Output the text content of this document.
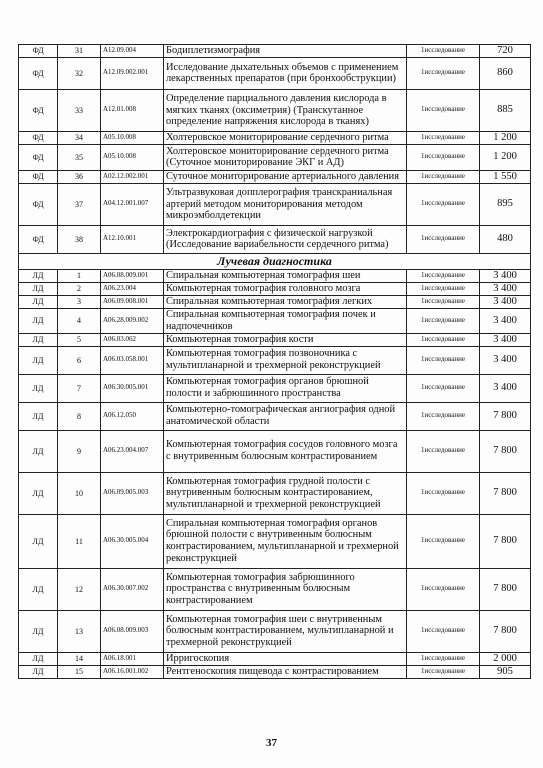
ФД	31	A12.09.004	Бодиплетизмография	1исследование	720
ФД	32	A12.09.002.001	Исследование дыхательных объемов с применением лекарственных препаратов (при бронхообструкции)	1исследование	860
ФД	33	A12.01.008	Определение парциального давления кислорода в мягких тканях (оксиметрия) (Транскутанное определение напряжения кислорода в тканях)	1исследование	885
ФД	34	A05.10.008	Холтеровское мониторирование сердечного ритма	1исследование	1 200
ФД	35	A05.10.008	Холтеровское мониторирование сердечного ритма (Суточное мониторирование ЭКГ и АД)	1исследование	1 200
ФД	36	A02.12.002.001	Суточное мониторирование артериального давления	1исследование	1 550
ФД	37	A04.12.001.007	Ультразвуковая допплерография транскраниальная артерий методом мониторирования методом микроэмболдетекции	1исследование	895
ФД	38	A12.10.001	Электрокардиография с физической нагрузкой (Исследование вариабельности сердечного ритма)	1исследование	480
Лучевая диагностика					
ЛД	1	A06.08.009.001	Спиральная компьютерная томография шеи	1исследование	3 400
ЛД	2	A06.23.004	Компьютерная томография головного мозга	1исследование	3 400
ЛД	3	A06.09.008.001	Спиральная компьютерная томография легких	1исследование	3 400
ЛД	4	A06.28.009.002	Спиральная компьютерная томография почек и надпочечников	1исследование	3 400
ЛД	5	A06.03.062	Компьютерная томография кости	1исследование	3 400
ЛД	6	A06.03.058.001	Компьютерная томография позвоночника с мультипланарной и трехмерной реконструкцией	1исследование	3 400
ЛД	7	A06.30.005.001	Компьютерная томография органов брюшной полости и забрюшинного пространства	1исследование	3 400
ЛД	8	A06.12.050	Компьютерно-томографическая ангиография одной анатомической области	1исследование	7 800
ЛД	9	A06.23.004.007	Компьютерная томография сосудов головного мозга с внутривенным болюсным контрастированием	1исследование	7 800
ЛД	10	A06.09.005.003	Компьютерная томография грудной полости с внутривенным болюсным контрастированием, мультипланарной и трехмерной реконструкцией	1исследование	7 800
ЛД	11	A06.30.005.004	Спиральная компьютерная томография органов брюшной полости с внутривенным болюсным контрастированием, мультипланарной и трехмерной реконструкцией	1исследование	7 800
ЛД	12	A06.30.007.002	Компьютерная томография забрюшинного пространства с внутривенным болюсным контрастированием	1исследование	7 800
ЛД	13	A06.08.009.003	Компьютерная томография шеи с внутривенным болюсным контрастированием, мультипланарной и трехмерной реконструкцией	1исследование	7 800
ЛД	14	A06.18.001	Ирригоскопия	1исследование	2 000
ЛД	15	A06.16.001.002	Рентгеноскопия пищевода с контрастированием	1исследование	905
37
